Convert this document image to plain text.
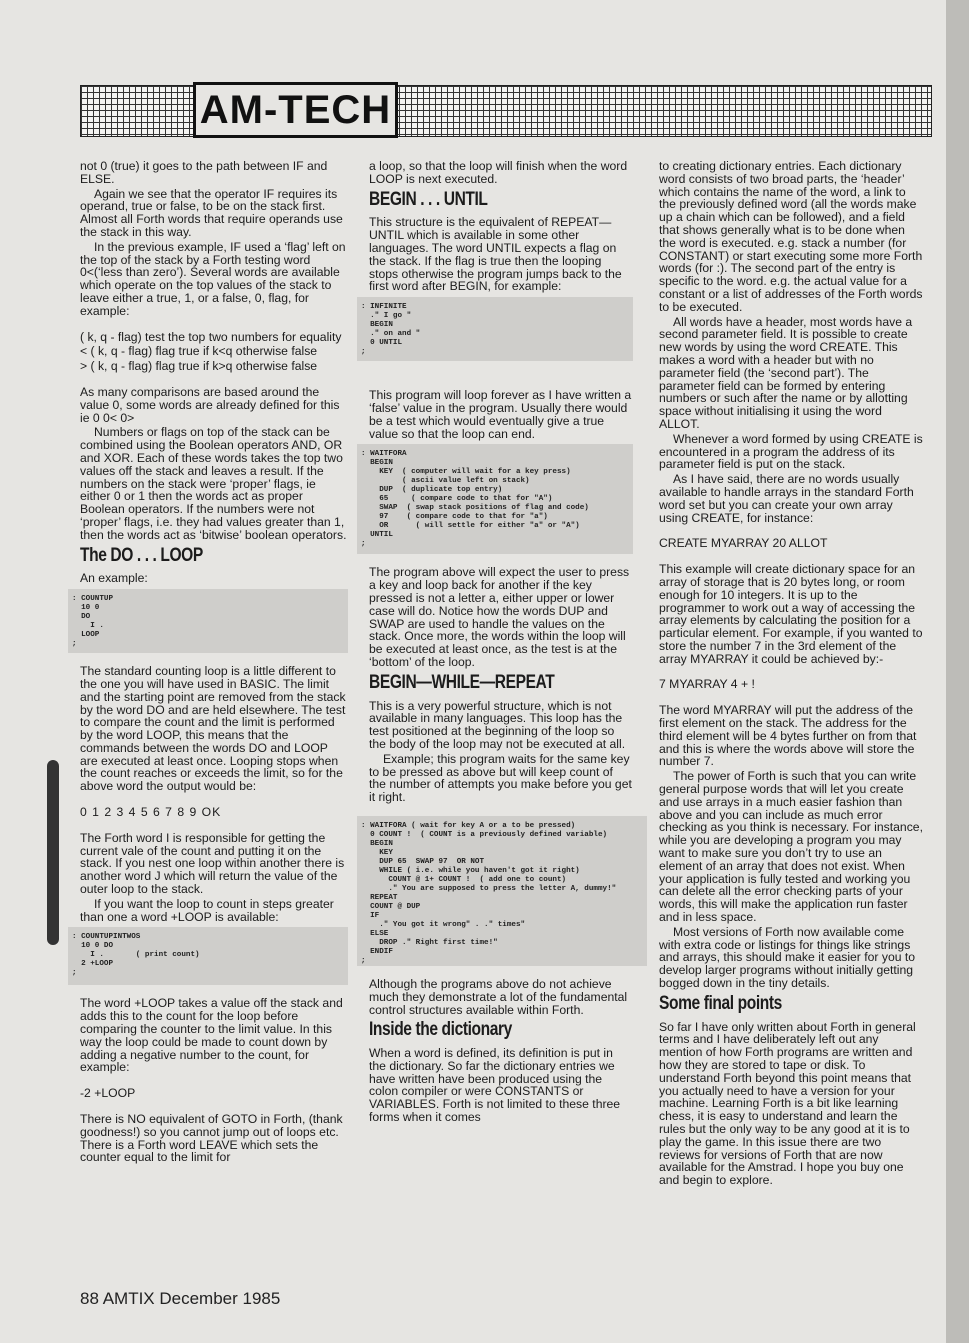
AM-TECH

not 0 (true) it goes to the path between IF and ELSE.

Again we see that the operator IF requires its operand, true or false, to be on the stack first. Almost all Forth words that require operands use the stack in this way.

In the previous example, IF used a ‘flag’ left on the top of the stack by a Forth testing word 0<(‘less than zero’). Several words are available which operate on the top values of the stack to leave either a true, 1, or a false, 0, flag, for example:

( k, q - flag) test the top two numbers for equality

< ( k, q - flag) flag true if k<q otherwise false

> ( k, q - flag) flag true if k>q otherwise false

As many comparisons are based around the value 0, some words are already defined for this ie 0 0< 0>

Numbers or flags on top of the stack can be combined using the Boolean operators AND, OR and XOR. Each of these words takes the top two values off the stack and leaves a result. If the numbers on the stack were ‘proper’ flags, ie either 0 or 1 then the words act as proper Boolean operators. If the numbers were not ‘proper’ flags, i.e. they had values greater than 1, then the words act as ‘bitwise’ boolean operators.

The DO . . . LOOP

An example:

: COUNTUP
10 0
DO
I .
LOOP
;

The standard counting loop is a little different to the one you will have used in BASIC. The limit and the starting point are removed from the stack by the word DO and are held elsewhere. The test to compare the count and the limit is performed by the word LOOP, this means that the commands between the words DO and LOOP are executed at least once. Looping stops when the count reaches or exceeds the limit, so for the above word the output would be:

0 1 2 3 4 5 6 7 8 9 OK

The Forth word I is responsible for getting the current vale of the count and putting it on the stack. If you nest one loop within another there is another word J which will return the value of the outer loop to the stack.

If you want the loop to count in steps greater than one a word +LOOP is available:

: COUNTUPINTWOS
10 0 DO
I .       ( print count)
2 +LOOP
;

The word +LOOP takes a value off the stack and adds this to the count for the loop before comparing the counter to the limit value. In this way the loop could be made to count down by adding a negative number to the count, for example:

-2 +LOOP

There is NO equivalent of GOTO in Forth, (thank goodness!) so you cannot jump out of loops etc. There is a Forth word LEAVE which sets the counter equal to the limit for

a loop, so that the loop will finish when the word LOOP is next executed.

BEGIN . . . UNTIL

This structure is the equivalent of REPEAT— UNTIL which is available in some other languages. The word UNTIL expects a flag on the stack. If the flag is true then the looping stops otherwise the program jumps back to the first word after BEGIN, for example:

: INFINITE
." I go "
BEGIN
." on and "
0 UNTIL
;

This program will loop forever as I have written a ‘false’ value in the program. Usually there would be a test which would eventually give a true value so that the loop can end.

: WAITFORA
BEGIN
KEY  ( computer will wait for a key press)
( ascii value left on stack)
DUP  ( duplicate top entry)
65     ( compare code to that for "A")
SWAP  ( swap stack positions of flag and code)
97    ( compare code to that for "a")
OR      ( will settle for either "a" or "A")
UNTIL
;

The program above will expect the user to press a key and loop back for another if the key pressed is not a letter a, either upper or lower case will do. Notice how the words DUP and SWAP are used to handle the values on the stack. Once more, the words within the loop will be executed at least once, as the test is at the ‘bottom’ of the loop.

BEGIN—WHILE—REPEAT

This is a very powerful structure, which is not available in many languages. This loop has the test positioned at the beginning of the loop so the body of the loop may not be executed at all.

Example; this program waits for the same key to be pressed as above but will keep count of the number of attempts you make before you get it right.

: WAITFORA ( wait for key A or a to be pressed)
0 COUNT !  ( COUNT is a previously defined variable)
BEGIN
KEY
DUP 65  SWAP 97  OR NOT
WHILE ( i.e. while you haven't got it right)
COUNT @ 1+ COUNT !  ( add one to count)
." You are supposed to press the letter A, dummy!"
REPEAT
COUNT @ DUP
IF
." You got it wrong" . ." times"
ELSE
DROP ." Right first time!"
ENDIF
;

Although the programs above do not achieve much they demonstrate a lot of the fundamental control structures available within Forth.

Inside the dictionary

When a word is defined, its definition is put in the dictionary. So far the dictionary entries we have written have been produced using the colon compiler or were CONSTANTS or VARIABLES. Forth is not limited to these three forms when it comes

to creating dictionary entries. Each dictionary word consists of two broad parts, the ‘header’ which contains the name of the word, a link to the previously defined word (all the words make up a chain which can be followed), and a field that shows generally what is to be done when the word is executed. e.g. stack a number (for CONSTANT) or start executing some more Forth words (for :). The second part of the entry is specific to the word. e.g. the actual value for a constant or a list of addresses of the Forth words to be executed.

All words have a header, most words have a second parameter field. It is possible to create new words by using the word CREATE. This makes a word with a header but with no parameter field (the ‘second part’). The parameter field can be formed by entering numbers or such after the name or by allotting space without initialising it using the word ALLOT.

Whenever a word formed by using CREATE is encountered in a program the address of its parameter field is put on the stack.

As I have said, there are no words usually available to handle arrays in the standard Forth word set but you can create your own array using CREATE, for instance:

CREATE MYARRAY 20 ALLOT

This example will create dictionary space for an array of storage that is 20 bytes long, or room enough for 10 integers. It is up to the programmer to work out a way of accessing the array elements by calculating the position for a particular element. For example, if you wanted to store the number 7 in the 3rd element of the array MYARRAY it could be achieved by:-

7 MYARRAY 4 + !

The word MYARRAY will put the address of the first element on the stack. The address for the third element will be 4 bytes further on from that and this is where the words above will store the number 7.

The power of Forth is such that you can write general purpose words that will let you create and use arrays in a much easier fashion than above and you can include as much error checking as you think is necessary. For instance, while you are developing a program you may want to make sure you don’t try to use an element of an array that does not exist. When your application is fully tested and working you can delete all the error checking parts of your words, this will make the application run faster and in less space.

Most versions of Forth now available come with extra code or listings for things like strings and arrays, this should make it easier for you to develop larger programs without initially getting bogged down in the tiny details.

Some final points

So far I have only written about Forth in general terms and I have deliberately left out any mention of how Forth programs are written and how they are stored to tape or disk. To understand Forth beyond this point means that you actually need to have a version for your machine. Learning Forth is a bit like learning chess, it is easy to understand and learn the rules but the only way to be any good at it is to play the game. In this issue there are two reviews for versions of Forth that are now available for the Amstrad. I hope you buy one and begin to explore.

88 AMTIX December 1985
